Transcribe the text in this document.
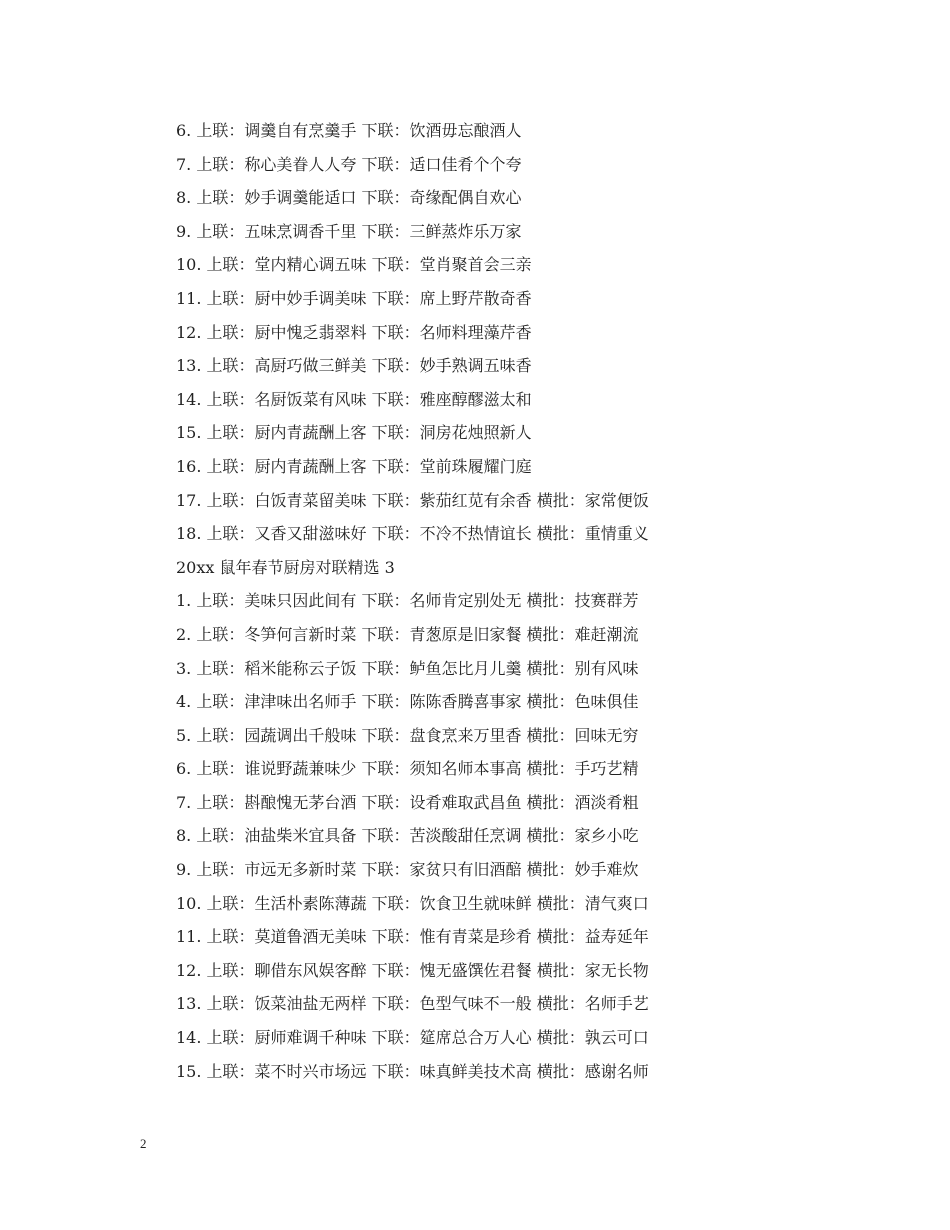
6. 上联：调羹自有烹羹手 下联：饮酒毋忘酿酒人
7. 上联：称心美眷人人夸 下联：适口佳肴个个夸
8. 上联：妙手调羹能适口 下联：奇缘配偶自欢心
9. 上联：五味烹调香千里 下联：三鲜蒸炸乐万家
10. 上联：堂内精心调五味 下联：堂肖聚首会三亲
11. 上联：厨中妙手调美味 下联：席上野芹散奇香
12. 上联：厨中愧乏翡翠料 下联：名师料理藻芹香
13. 上联：高厨巧做三鲜美 下联：妙手熟调五味香
14. 上联：名厨饭菜有风味 下联：雅座醇醪滋太和
15. 上联：厨内青蔬酬上客 下联：洞房花烛照新人
16. 上联：厨内青蔬酬上客 下联：堂前珠履耀门庭
17. 上联：白饭青菜留美味 下联：紫茄红苋有余香 横批：家常便饭
18. 上联：又香又甜滋味好 下联：不冷不热情谊长 横批：重情重义
20xx 鼠年春节厨房对联精选 3
1. 上联：美味只因此间有 下联：名师肯定别处无 横批：技赛群芳
2. 上联：冬笋何言新时菜 下联：青葱原是旧家餐 横批：难赶潮流
3. 上联：稻米能称云子饭 下联：鲈鱼怎比月儿羹 横批：别有风味
4. 上联：津津味出名师手 下联：陈陈香腾喜事家 横批：色味俱佳
5. 上联：园蔬调出千般味 下联：盘食烹来万里香 横批：回味无穷
6. 上联：谁说野蔬兼味少 下联：须知名师本事高 横批：手巧艺精
7. 上联：斟酿愧无茅台酒 下联：设肴难取武昌鱼 横批：酒淡肴粗
8. 上联：油盐柴米宜具备 下联：苦淡酸甜任烹调 横批：家乡小吃
9. 上联：市远无多新时菜 下联：家贫只有旧酒醅 横批：妙手难炊
10. 上联：生活朴素陈薄蔬 下联：饮食卫生就味鲜 横批：清气爽口
11. 上联：莫道鲁酒无美味 下联：惟有青菜是珍肴 横批：益寿延年
12. 上联：聊借东风娱客醉 下联：愧无盛馔佐君餐 横批：家无长物
13. 上联：饭菜油盐无两样 下联：色型气味不一般 横批：名师手艺
14. 上联：厨师难调千种味 下联：筵席总合万人心 横批：孰云可口
15. 上联：菜不时兴市场远 下联：味真鲜美技术高 横批：感谢名师
2
